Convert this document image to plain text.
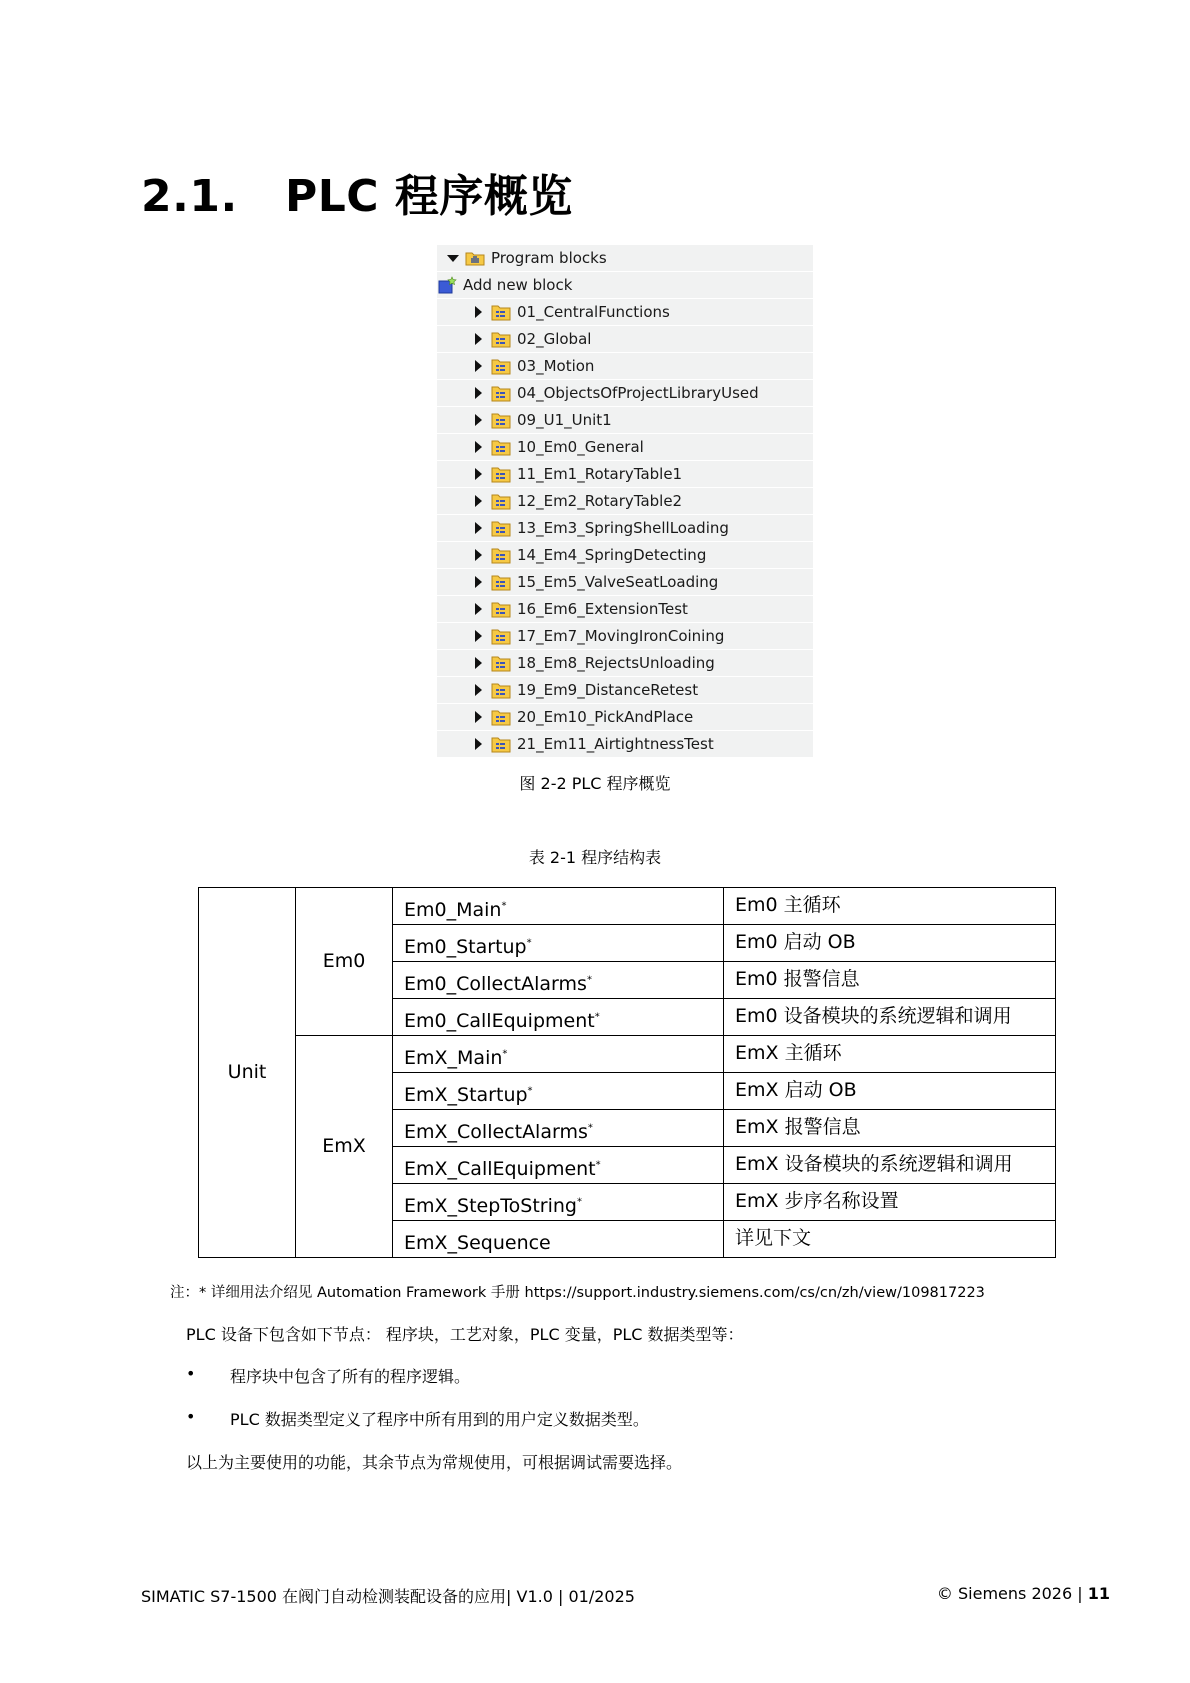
2.1.	PLC 程序概览
Program blocks
Add new block
01_CentralFunctions
02_Global
03_Motion
04_ObjectsOfProjectLibraryUsed
09_U1_Unit1
10_Em0_General
11_Em1_RotaryTable1
12_Em2_RotaryTable2
13_Em3_SpringShellLoading
14_Em4_SpringDetecting
15_Em5_ValveSeatLoading
16_Em6_ExtensionTest
17_Em7_MovingIronCoining
18_Em8_RejectsUnloading
19_Em9_DistanceRetest
20_Em10_PickAndPlace
21_Em11_AirtightnessTest

图 2-2 PLC 程序概览

表 2-1 程序结构表

Unit	Em0	Em0_Main*	Em0 主循环
		Em0_Startup*	Em0 启动 OB
		Em0_CollectAlarms*	Em0 报警信息
		Em0_CallEquipment*	Em0 设备模块的系统逻辑和调用
	EmX	EmX_Main*	EmX 主循环
		EmX_Startup*	EmX 启动 OB
		EmX_CollectAlarms*	EmX 报警信息
		EmX_CallEquipment*	EmX 设备模块的系统逻辑和调用
		EmX_StepToString*	EmX 步序名称设置
		EmX_Sequence	详见下文

注：* 详细用法介绍见 Automation Framework 手册 https://support.industry.siemens.com/cs/cn/zh/view/109817223

PLC 设备下包含如下节点： 程序块，工艺对象，PLC 变量，PLC 数据类型等：

•	程序块中包含了所有的程序逻辑。
•	PLC 数据类型定义了程序中所有用到的用户定义数据类型。

以上为主要使用的功能，其余节点为常规使用，可根据调试需要选择。

SIMATIC S7-1500 在阀门自动检测装配设备的应用| V1.0 | 01/2025	© Siemens 2026 | 11
